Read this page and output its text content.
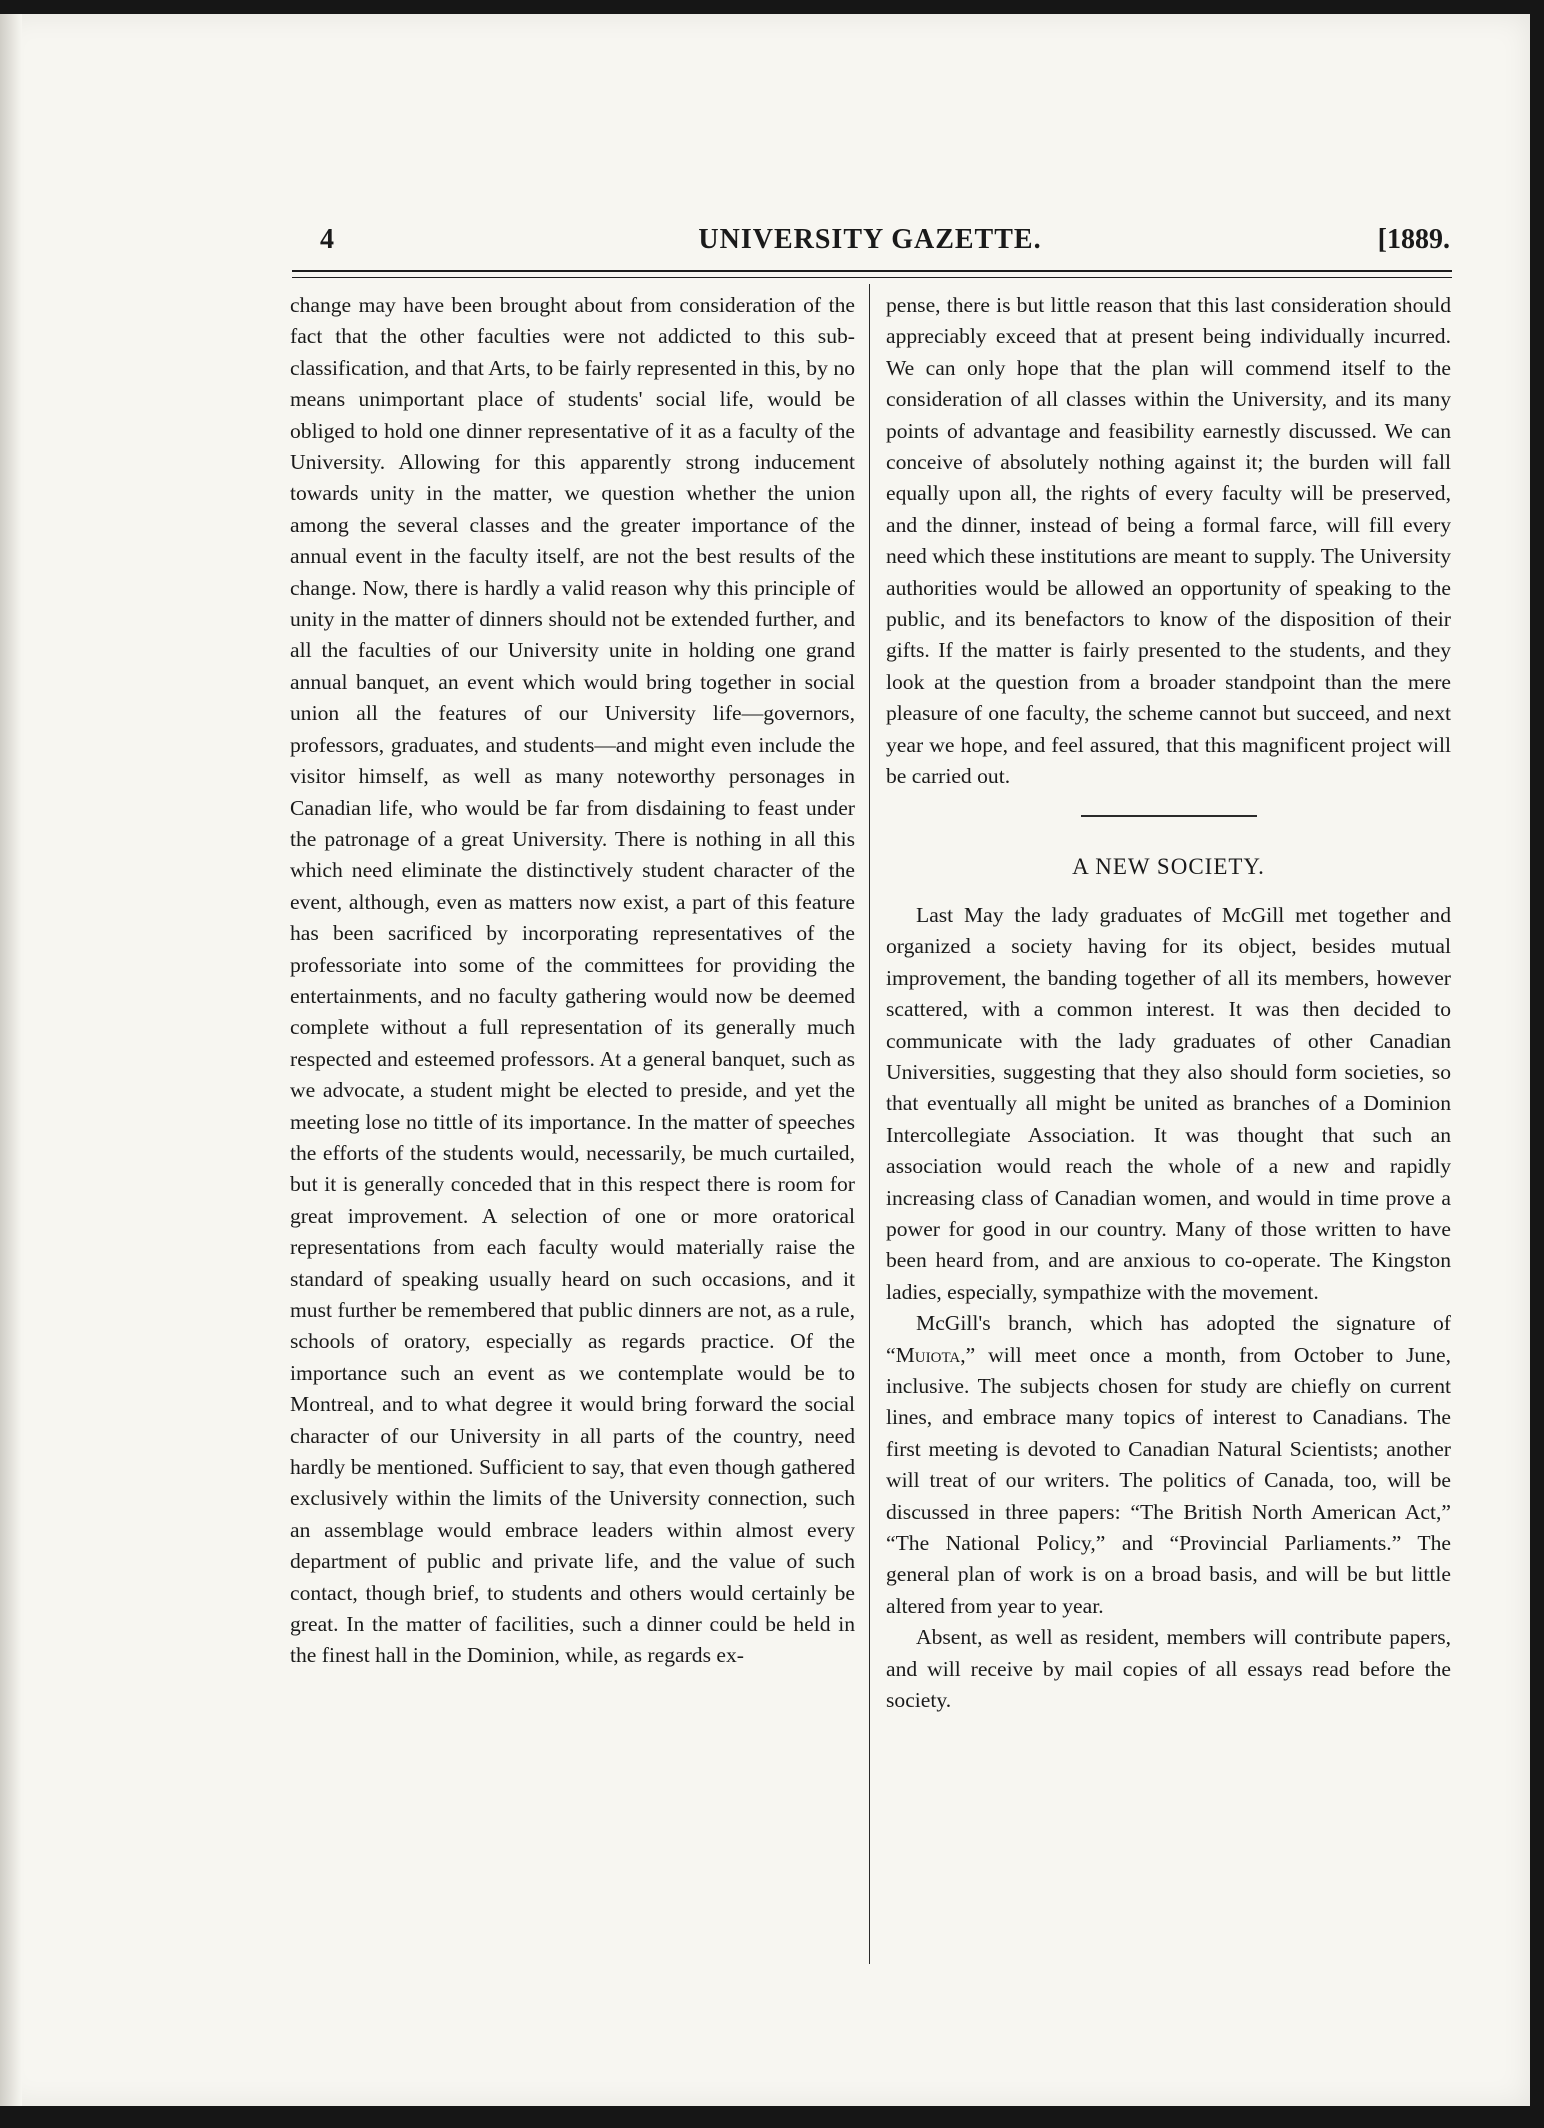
4	UNIVERSITY GAZETTE.	[1889.

change may have been brought about from consideration of the fact that the other faculties were not addicted to this sub-classification, and that Arts, to be fairly represented in this, by no means unimportant place of students' social life, would be obliged to hold one dinner representative of it as a faculty of the University. Allowing for this apparently strong inducement towards unity in the matter, we question whether the union among the several classes and the greater importance of the annual event in the faculty itself, are not the best results of the change. Now, there is hardly a valid reason why this principle of unity in the matter of dinners should not be extended further, and all the faculties of our University unite in holding one grand annual banquet, an event which would bring together in social union all the features of our University life—governors, professors, graduates, and students—and might even include the visitor himself, as well as many noteworthy personages in Canadian life, who would be far from disdaining to feast under the patronage of a great University. There is nothing in all this which need eliminate the distinctively student character of the event, although, even as matters now exist, a part of this feature has been sacrificed by incorporating representatives of the professoriate into some of the committees for providing the entertainments, and no faculty gathering would now be deemed complete without a full representation of its generally much respected and esteemed professors. At a general banquet, such as we advocate, a student might be elected to preside, and yet the meeting lose no tittle of its importance. In the matter of speeches the efforts of the students would, necessarily, be much curtailed, but it is generally conceded that in this respect there is room for great improvement. A selection of one or more oratorical representations from each faculty would materially raise the standard of speaking usually heard on such occasions, and it must further be remembered that public dinners are not, as a rule, schools of oratory, especially as regards practice. Of the importance such an event as we contemplate would be to Montreal, and to what degree it would bring forward the social character of our University in all parts of the country, need hardly be mentioned. Sufficient to say, that even though gathered exclusively within the limits of the University connection, such an assemblage would embrace leaders within almost every department of public and private life, and the value of such contact, though brief, to students and others would certainly be great. In the matter of facilities, such a dinner could be held in the finest hall in the Dominion, while, as regards ex-

pense, there is but little reason that this last consideration should appreciably exceed that at present being individually incurred. We can only hope that the plan will commend itself to the consideration of all classes within the University, and its many points of advantage and feasibility earnestly discussed. We can conceive of absolutely nothing against it; the burden will fall equally upon all, the rights of every faculty will be preserved, and the dinner, instead of being a formal farce, will fill every need which these institutions are meant to supply. The University authorities would be allowed an opportunity of speaking to the public, and its benefactors to know of the disposition of their gifts. If the matter is fairly presented to the students, and they look at the question from a broader standpoint than the mere pleasure of one faculty, the scheme cannot but succeed, and next year we hope, and feel assured, that this magnificent project will be carried out.

A NEW SOCIETY.

Last May the lady graduates of McGill met together and organized a society having for its object, besides mutual improvement, the banding together of all its members, however scattered, with a common interest. It was then decided to communicate with the lady graduates of other Canadian Universities, suggesting that they also should form societies, so that eventually all might be united as branches of a Dominion Intercollegiate Association. It was thought that such an association would reach the whole of a new and rapidly increasing class of Canadian women, and would in time prove a power for good in our country. Many of those written to have been heard from, and are anxious to co-operate. The Kingston ladies, especially, sympathize with the movement.

McGill's branch, which has adopted the signature of “Muiota,” will meet once a month, from October to June, inclusive. The subjects chosen for study are chiefly on current lines, and embrace many topics of interest to Canadians. The first meeting is devoted to Canadian Natural Scientists; another will treat of our writers. The politics of Canada, too, will be discussed in three papers: “The British North American Act,” “The National Policy,” and “Provincial Parliaments.” The general plan of work is on a broad basis, and will be but little altered from year to year.

Absent, as well as resident, members will contribute papers, and will receive by mail copies of all essays read before the society.
